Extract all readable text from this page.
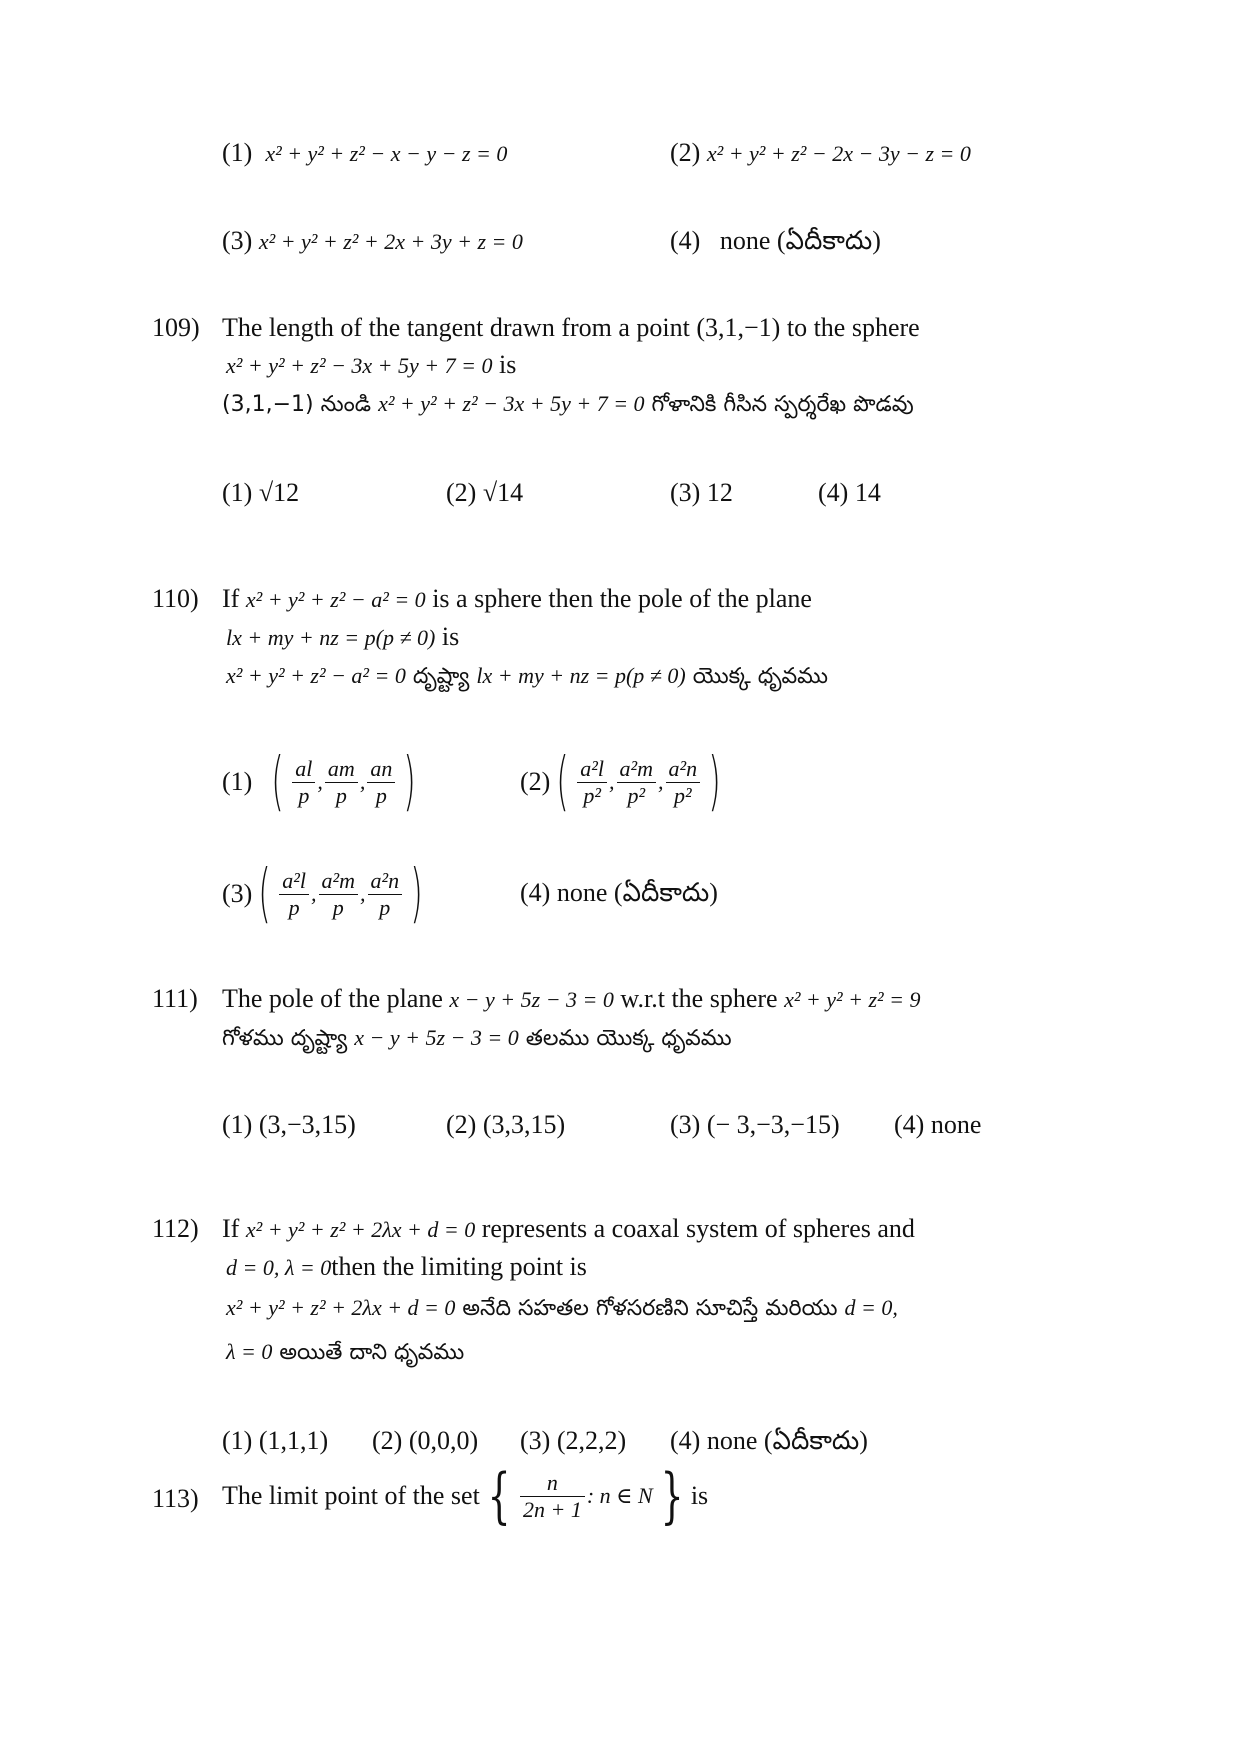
(1) x² + y² + z² − x − y − z = 0	(2) x² + y² + z² − 2x − 3y − z = 0
(3) x² + y² + z² + 2x + 3y + z = 0	(4) none (ఏదీకాదు)
109) The length of the tangent drawn from a point (3,1,−1) to the sphere
x² + y² + z² − 3x + 5y + 7 = 0 is
(3,1,−1) నుండి x² + y² + z² − 3x + 5y + 7 = 0 గోళానికి గీసిన స్పర్శరేఖ పొడవు
(1) √12	(2) √14	(3) 12	(4) 14
110) If x² + y² + z² − a² = 0 is a sphere then the pole of the plane
lx + my + nz = p(p ≠ 0) is
x² + y² + z² − a² = 0 దృష్ట్యా lx + my + nz = p(p ≠ 0) యొక్క ధృవము
(1)
( $\frac{al}{p}$ , $\frac{am}{p}$ , $\frac{an}{p}$ )	(2) ( $\frac{\text{a²l}}{\text{p²}}$ , $\frac{\text{a²m}}{\text{p²}}$ , $\frac{\text{a²n}}{\text{p²}}$ )
(3) ( $\frac{\text{a²l}}{p}$ , $\frac{\text{a²m}}{p}$ , $\frac{\text{a²n}}{p}$ )	(4) none (ఏదీకాదు)
111) The pole of the plane x − y + 5z − 3 = 0 w.r.t the sphere x² + y² + z² = 9
గోళము దృష్ట్యా x − y + 5z − 3 = 0 తలము యొక్క ధృవము
(1) (3,−3,15)	(2) (3,3,15)	(3) (− 3,−3,−15) (4) none
112) If x² + y² + z² + 2λx + d = 0 represents a coaxal system of spheres and
d = 0, λ = 0then the limiting point is
x² + y² + z² + 2λx + d = 0 అనేది సహతల గోళసరణిని సూచిస్తే మరియు d = 0,
λ = 0 అయితే దాని ధృవము
(1) (1,1,1) (2) (0,0,0) (3) (2,2,2) (4) none (ఏదీకాదు)
113) The limit point of the set { $\frac{n}{2n + 1}$ : n ∈ N } is
